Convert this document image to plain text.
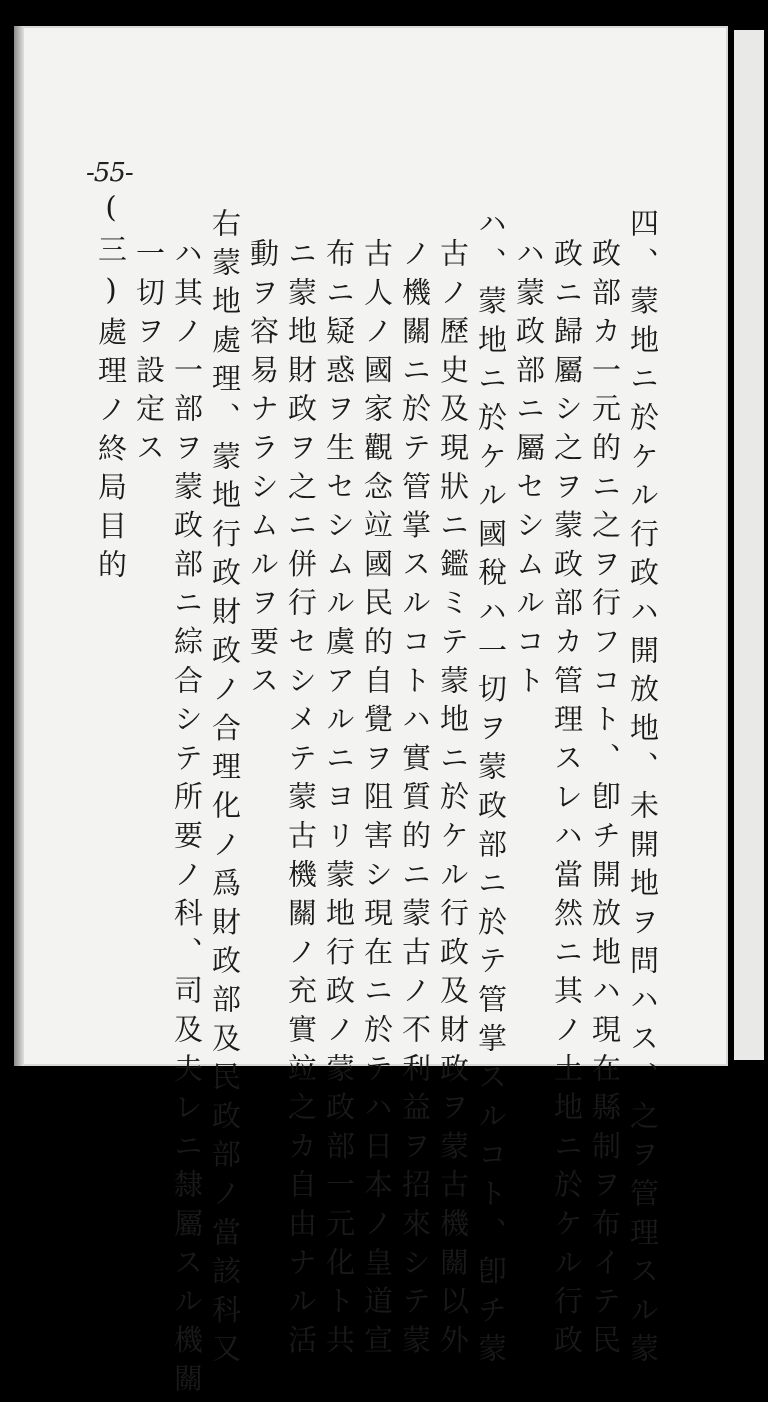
-55-
四、蒙地ニ於ケル行政ハ開放地、未開地ヲ問ハス、之ヲ管理スル蒙
政部カ一元的ニ之ヲ行フコト、卽チ開放地ハ現在縣制ヲ布イテ民
政ニ歸屬シ之ヲ蒙政部カ管理スレハ當然ニ其ノ土地ニ於ケル行政
ハ蒙政部ニ屬セシムルコト
ハ、蒙地ニ於ケル國稅ハ一切ヲ蒙政部ニ於テ管掌スルコト、卽チ蒙
古ノ歷史及現狀ニ鑑ミテ蒙地ニ於ケル行政及財政ヲ蒙古機關以外
ノ機關ニ於テ管掌スルコトハ實質的ニ蒙古ノ不利益ヲ招來シテ蒙
古人ノ國家觀念竝國民的自覺ヲ阻害シ現在ニ於テハ日本ノ皇道宣
布ニ疑惑ヲ生セシムル虞アルニヨリ蒙地行政ノ蒙政部一元化ト共
ニ蒙地財政ヲ之ニ併行セシメテ蒙古機關ノ充實竝之カ自由ナル活
動ヲ容易ナラシムルヲ要ス
右蒙地處理、蒙地行政財政ノ合理化ノ爲財政部及民政部ノ當該科又
ハ其ノ一部ヲ蒙政部ニ綜合シテ所要ノ科、司及夫レニ隸屬スル機關
一切ヲ設定ス
(三)處理ノ終局目的
